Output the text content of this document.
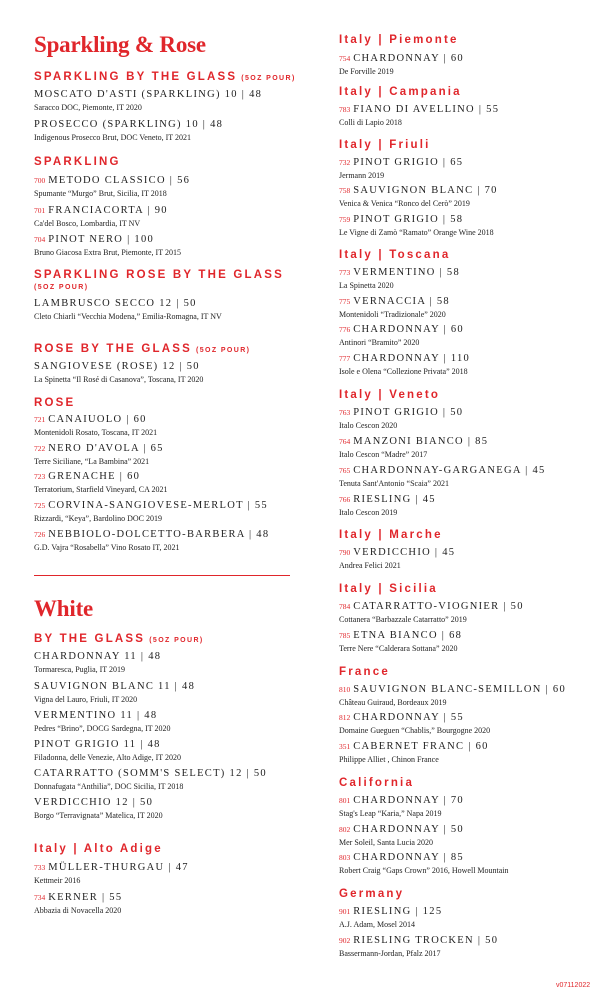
Sparkling & Rose
SPARKLING BY THE GLASS (5OZ POUR)
MOSCATO D'ASTI (SPARKLING) 10 | 48
Saracco DOC, Piemonte, IT 2020
PROSECCO (SPARKLING) 10 | 48
Indigenous Prosecco Brut, DOC Veneto, IT 2021
SPARKLING
700 METODO CLASSICO | 56
Spumante “Murgo” Brut, Sicilia, IT 2018
701 FRANCIACORTA | 90
Ca'del Bosco, Lombardia, IT NV
704 PINOT NERO | 100
Bruno Giacosa Extra Brut, Piemonte, IT 2015
SPARKLING ROSE BY THE GLASS
(5OZ POUR)
LAMBRUSCO SECCO 12 | 50
Cleto Chiarli “Vecchia Modena,” Emilia-Romagna, IT NV
ROSE BY THE GLASS (5OZ POUR)
SANGIOVESE (ROSE) 12 | 50
La Spinetta “Il Rosé di Casanova”, Toscana, IT 2020
ROSE
721 CANAIUOLO | 60
Montenidoli Rosato, Toscana, IT 2021
722 NERO D'AVOLA | 65
Terre Siciliane, “La Bambina” 2021
723 GRENACHE | 60
Terratorium, Starfield Vineyard, CA 2021
725 CORVINA-SANGIOVESE-MERLOT | 55
Rizzardi, “Keya”, Bardolino DOC 2019
726 NEBBIOLO-DOLCETTO-BARBERA | 48
G.D. Vajra “Rosabella” Vino Rosato IT, 2021
White
BY THE GLASS (5OZ POUR)
CHARDONNAY 11 | 48
Tormaresca, Puglia, IT 2019
SAUVIGNON BLANC 11 | 48
Vigna del Lauro, Friuli, IT 2020
VERMENTINO 11 | 48
Pedres “Brino”, DOCG Sardegna, IT 2020
PINOT GRIGIO 11 | 48
Filadonna, delle Venezie, Alto Adige, IT 2020
CATARRATTO (SOMM'S SELECT) 12 | 50
Donnafugata “Anthilia”, DOC Sicilia, IT 2018
VERDICCHIO 12 | 50
Borgo “Terravignata” Matelica, IT 2020
Italy | Alto Adige
733 MÜLLER-THURGAU | 47
Kettmeir 2016
734 KERNER | 55
Abbazia di Novacella 2020
Italy | Piemonte
754 CHARDONNAY | 60
De Forville 2019
Italy | Campania
783 FIANO DI AVELLINO | 55
Colli di Lapio 2018
Italy | Friuli
732 PINOT GRIGIO | 65
Jermann 2019
758 SAUVIGNON BLANC | 70
Venica & Venica “Ronco del Cerò” 2019
759 PINOT GRIGIO | 58
Le Vigne di Zamò “Ramato” Orange Wine 2018
Italy | Toscana
773 VERMENTINO | 58
La Spinetta 2020
775 VERNACCIA | 58
Montenidoli “Tradizionale” 2020
776 CHARDONNAY | 60
Antinori “Bramito” 2020
777 CHARDONNAY | 110
Isole e Olena “Collezione Privata” 2018
Italy | Veneto
763 PINOT GRIGIO | 50
Italo Cescon 2020
764 MANZONI BIANCO | 85
Italo Cescon “Madre” 2017
765 CHARDONNAY-GARGANEGA | 45
Tenuta Sant'Antonio “Scaia” 2021
766 RIESLING | 45
Italo Cescon 2019
Italy | Marche
790 VERDICCHIO | 45
Andrea Felici 2021
Italy | Sicilia
784 CATARRATTO-VIOGNIER | 50
Cottanera “Barbazzale Catarratto” 2019
785 ETNA BIANCO | 68
Terre Nere “Calderara Sottana” 2020
France
810 SAUVIGNON BLANC-SEMILLON | 60
Château Guiraud, Bordeaux 2019
812 CHARDONNAY | 55
Domaine Gueguen “Chablis,” Bourgogne 2020
351 CABERNET FRANC | 60
Philippe Alliet , Chinon France
California
801 CHARDONNAY | 70
Stag's Leap “Karia,” Napa 2019
802 CHARDONNAY | 50
Mer Soleil, Santa Lucia 2020
803 CHARDONNAY | 85
Robert Craig “Gaps Crown” 2016, Howell Mountain
Germany
901 RIESLING | 125
A.J. Adam, Mosel 2014
902 RIESLING TROCKEN | 50
Bassermann-Jordan, Pfalz 2017
v07112022
